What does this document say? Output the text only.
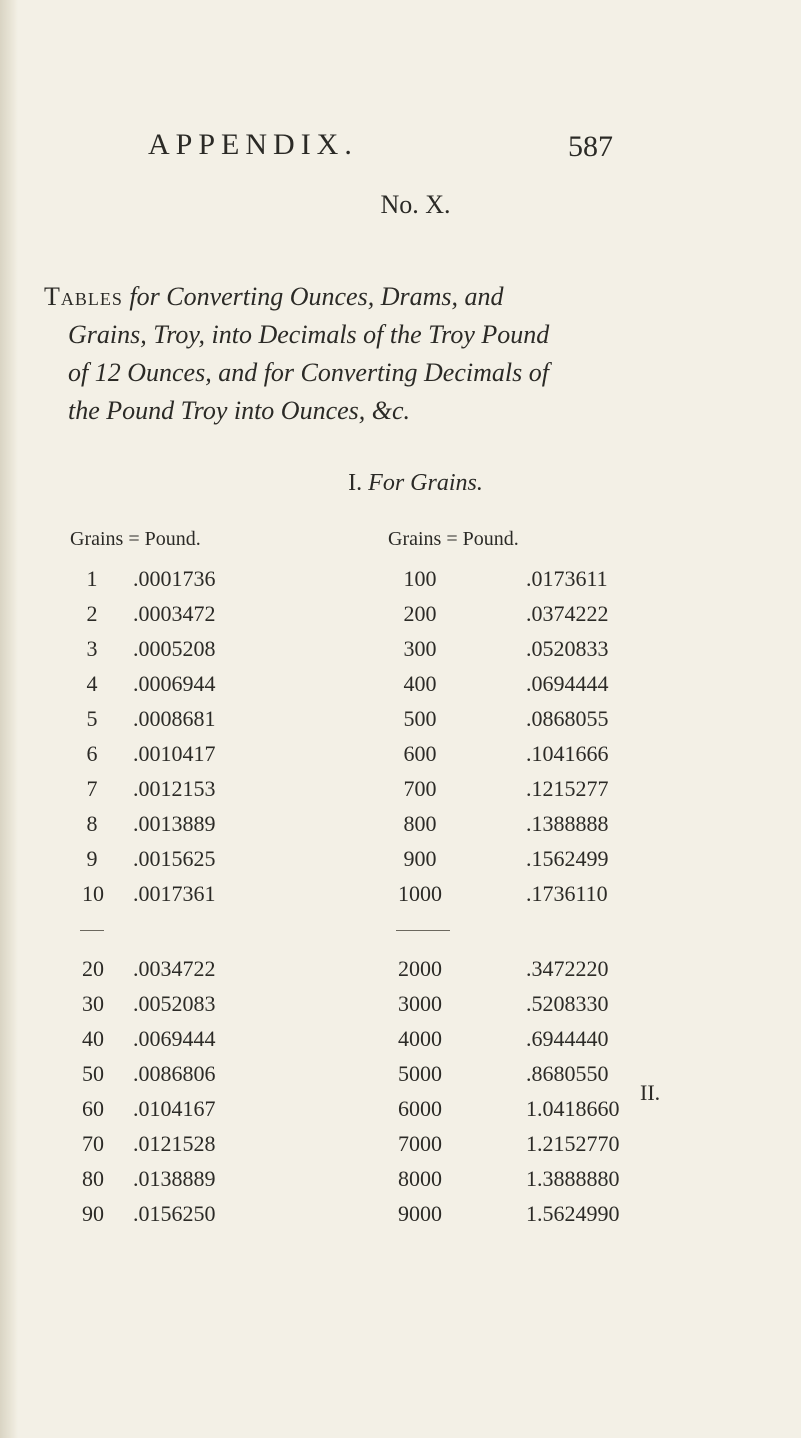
APPENDIX.	587
No. X.
Tables for Converting Ounces, Drams, and
Grains, Troy, into Decimals of the Troy Pound
of 12 Ounces, and for Converting Decimals of
the Pound Troy into Ounces, &c.
I. For Grains.
Grains = Pound.	Grains = Pound.
1 .0001736	100	.0173611
2 .0003472	200	.0374222
3 .0005208	300	.0520833
4 .0006944	400	.0694444
5 .0008681	500	.0868055
6 .0010417	600	.1041666
7 .0012153	700	.1215277
8 .0013889	800	.1388888
9 .0015625	900	.1562499
10 .0017361	1000	.1736110
20 .0034722	2000	.3472220
30 .0052083	3000	.5208330
40 .0069444	4000	.6944440
50 .0086806	5000	.8680550
60 .0104167	6000	1.0418660
70 .0121528	7000	1.2152770
80 .0138889	8000	1.3888880
90 .0156250	9000	1.5624990
II.
